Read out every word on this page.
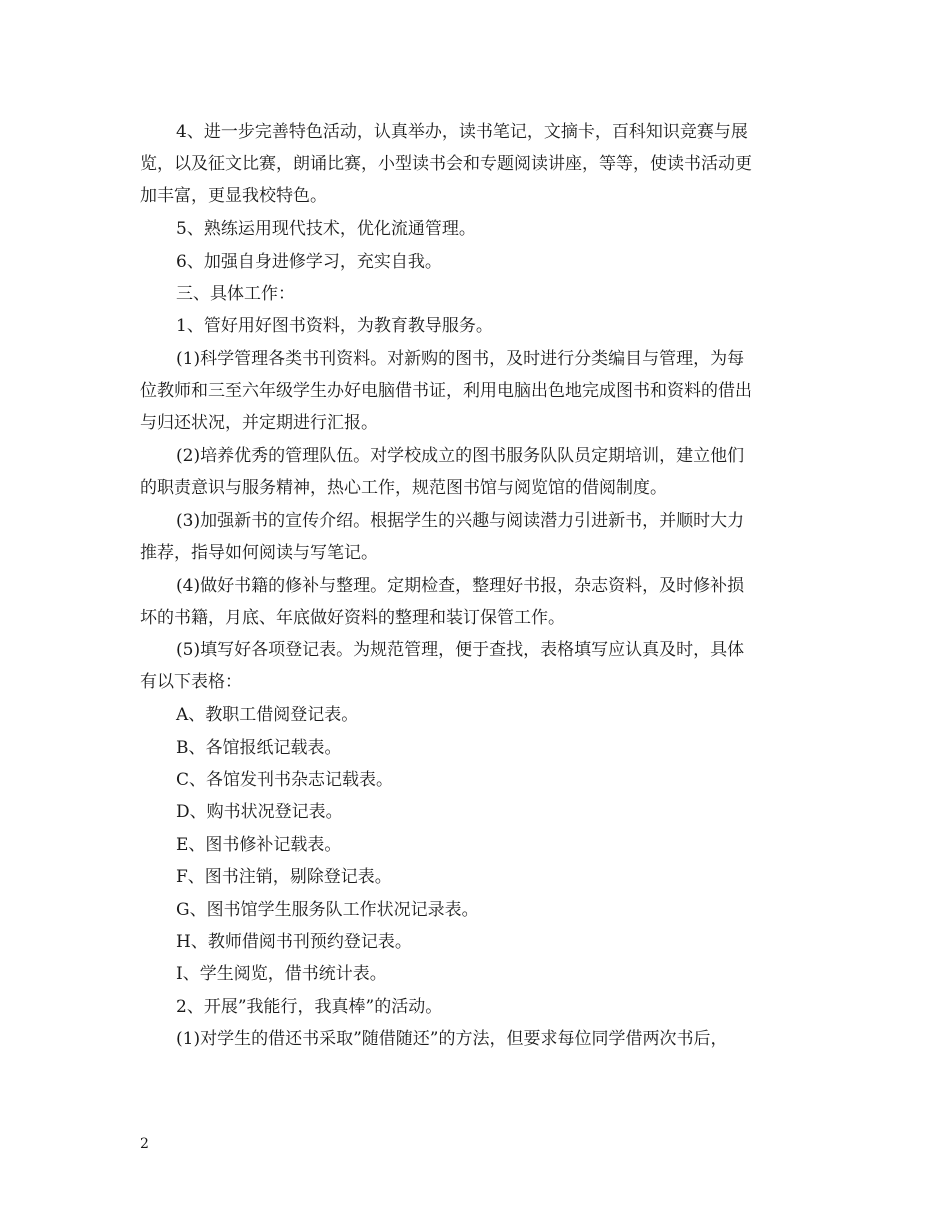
4、进一步完善特色活动，认真举办，读书笔记，文摘卡，百科知识竞赛与展
览，以及征文比赛，朗诵比赛，小型读书会和专题阅读讲座，等等，使读书活动更
加丰富，更显我校特色。
5、熟练运用现代技术，优化流通管理。
6、加强自身进修学习，充实自我。
三、具体工作：
1、管好用好图书资料，为教育教导服务。
(1)科学管理各类书刊资料。对新购的图书，及时进行分类编目与管理，为每
位教师和三至六年级学生办好电脑借书证，利用电脑出色地完成图书和资料的借出
与归还状况，并定期进行汇报。
(2)培养优秀的管理队伍。对学校成立的图书服务队队员定期培训，建立他们
的职责意识与服务精神，热心工作，规范图书馆与阅览馆的借阅制度。
(3)加强新书的宣传介绍。根据学生的兴趣与阅读潜力引进新书，并顺时大力
推荐，指导如何阅读与写笔记。
(4)做好书籍的修补与整理。定期检查，整理好书报，杂志资料，及时修补损
坏的书籍，月底、年底做好资料的整理和装订保管工作。
(5)填写好各项登记表。为规范管理，便于查找，表格填写应认真及时，具体
有以下表格：
A、教职工借阅登记表。
B、各馆报纸记载表。
C、各馆发刊书杂志记载表。
D、购书状况登记表。
E、图书修补记载表。
F、图书注销，剔除登记表。
G、图书馆学生服务队工作状况记录表。
H、教师借阅书刊预约登记表。
I、学生阅览，借书统计表。
2、开展”我能行，我真棒”的活动。
(1)对学生的借还书采取”随借随还”的方法，但要求每位同学借两次书后，
2
